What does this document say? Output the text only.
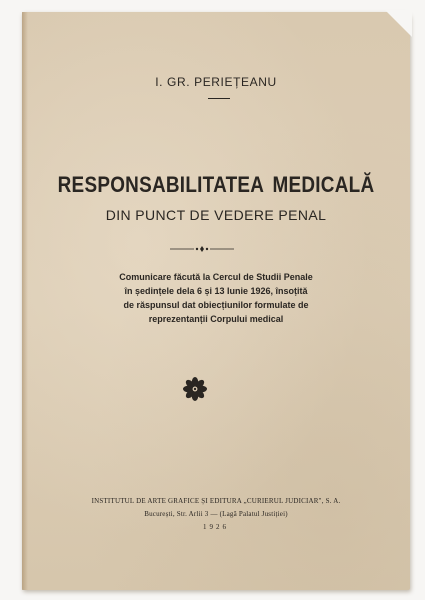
I. GR. PERIEȚEANU
RESPONSABILITATEA MEDICALĂ
DIN PUNCT DE VEDERE PENAL
Comunicare făcută la Cercul de Studii Penale
în ședințele dela 6 și 13 Iunie 1926, însoțită
de răspunsul dat obiecțiunilor formulate de
reprezentanții Corpului medical
INSTITUTUL DE ARTE GRAFICE ȘI EDITURA „CURIERUL JUDICIAR", S. A.
București, Str. Arlii 3 — (Lagă Palatul Justiției)
1926
